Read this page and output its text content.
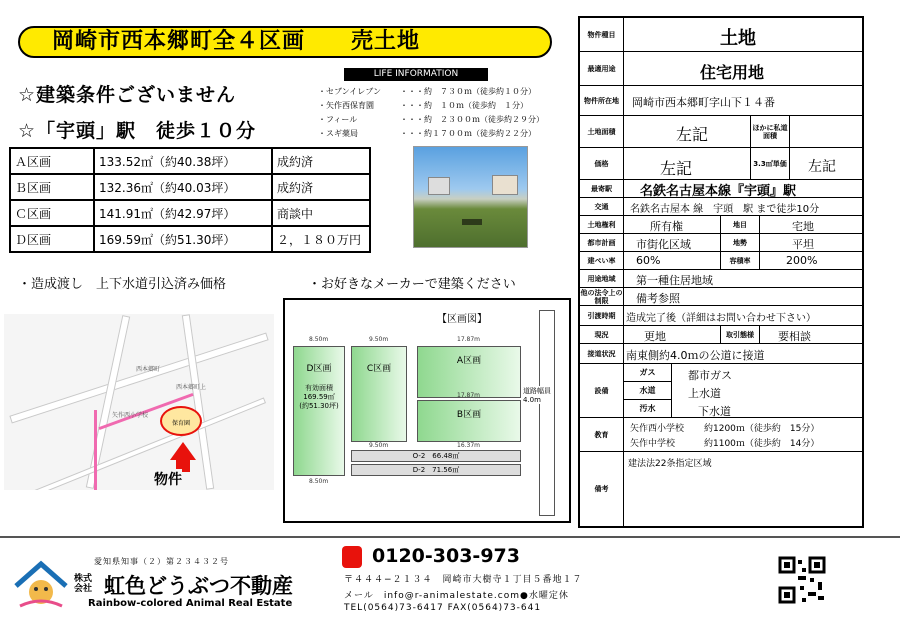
岡崎市西本郷町全４区画　　売土地
☆建築条件ございません
☆「宇頭」駅　徒歩１０分
LIFE INFORMATION
・セブンイレブン ・・・約　７３０ｍ（徒歩約１０分）
・矢作西保育園	・・・約　１０ｍ（徒歩約　１分）
・フィール	・・・約　２３００ｍ（徒歩約２９分）
・スギ薬局	・・・約１７００ｍ（徒歩約２２分）
Ａ区画	133.52㎡（約40.38坪）	成約済
Ｂ区画	132.36㎡（約40.03坪）	成約済
Ｃ区画	141.91㎡（約42.97坪）	商談中
Ｄ区画	169.59㎡（約51.30坪）	２，１８０万円
・造成渡し　上下水道引込済み価格	・お好きなメーカーで建築ください
西本郷町
矢作西小学校
西本郷町上
保育園
物件
【区画図】
D区画
有効面積
169.59㎡
(約51.30坪)
C区画
A区画
B区画
O-2　66.48㎡
D-2　71.56㎡
道路幅員
4.0m
8.50m	9.50m	17.87m
17.87m
9.50m	16.37m
8.50m
物件種目	土地
最適用途	住宅用地
物件所在地	岡崎市西本郷町字山下１４番
土地面積	左記	ほかに私道面積
価格	左記	3.3㎡単価 左記
最寄駅	名鉄名古屋本線『宇頭』駅
交通	名鉄名古屋本 線　宇頭　駅 まで徒歩10分
土地権利	所有権	地目	宅地
都市計画	市街化区域	地勢	平坦
建ぺい率	60%	容積率	200%
用途地域	第一種住居地域
他の法令上の制限	備考参照
引渡時期	造成完了後（詳細はお問い合わせ下さい）
現況	更地	取引態様	要相談
接道状況 南東側約4.0ｍの公道に接道
設備
ガス	都市ガス
水道	上水道
汚水	下水道
教育
矢作西小学校 約1200ｍ（徒歩約　15分）
矢作中学校	約1100ｍ（徒歩約　14分）
備考
建法法22条指定区域
愛知県知事（２）第２３４３２号
株式会社 虹色どうぶつ不動産
Rainbow-colored Animal Real Estate
0120-303-973
〒４４４−２１３４　岡崎市大樹寺１丁目５番地１７
メール　info@r-animalestate.com●水曜定休
TEL(0564)73-6417 FAX(0564)73-641
